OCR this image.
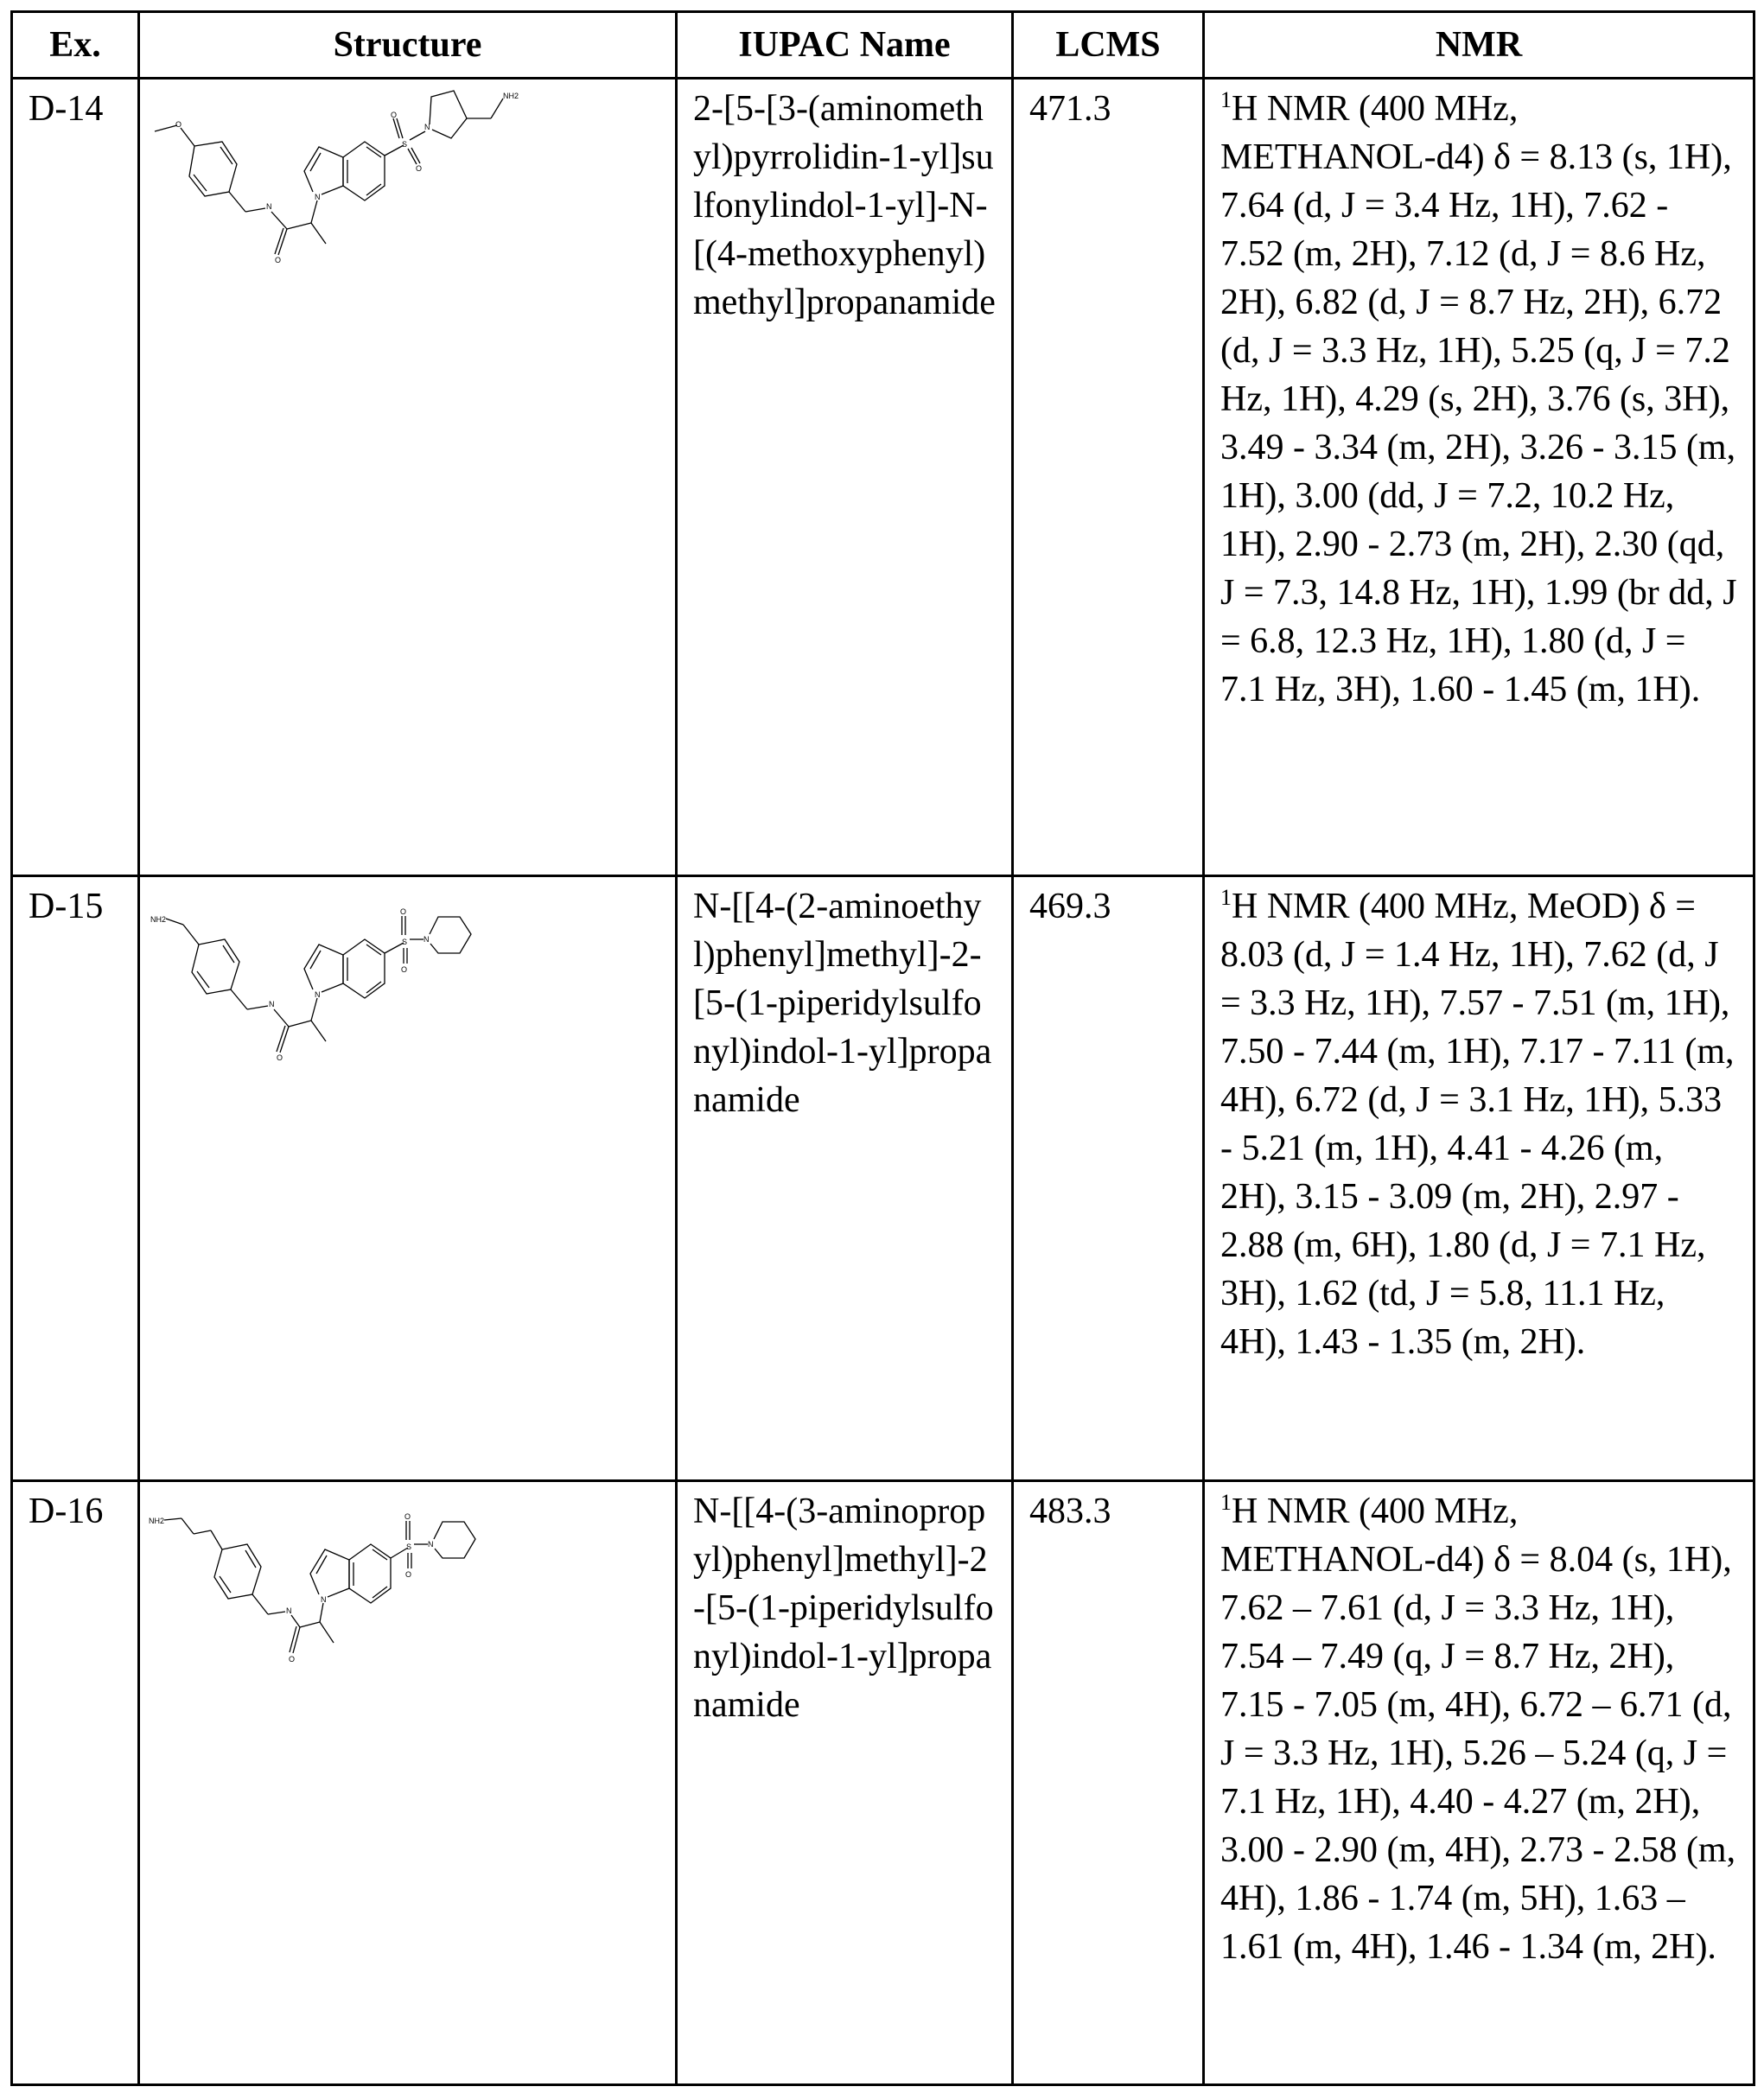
Ex.	Structure	IUPAC Name	LCMS	NMR
D-14	O
N
O
N
S
O
O
N
NH2	2-[5-[3-(aminomethyl)pyrrolidin-1-yl]sulfonylindol-1-yl]-N-[(4-methoxyphenyl)methyl]propanamide	471.3	1H NMR (400 MHz, METHANOL-d4) δ = 8.13 (s, 1H), 7.64 (d, J = 3.4 Hz, 1H), 7.62 - 7.52 (m, 2H), 7.12 (d, J = 8.6 Hz, 2H), 6.82 (d, J = 8.7 Hz, 2H), 6.72 (d, J = 3.3 Hz, 1H), 5.25 (q, J = 7.2 Hz, 1H), 4.29 (s, 2H), 3.76 (s, 3H), 3.49 - 3.34 (m, 2H), 3.26 - 3.15 (m, 1H), 3.00 (dd, J = 7.2, 10.2 Hz, 1H), 2.90 - 2.73 (m, 2H), 2.30 (qd, J = 7.3, 14.8 Hz, 1H), 1.99 (br dd, J = 6.8, 12.3 Hz, 1H), 1.80 (d, J = 7.1 Hz, 3H), 1.60 - 1.45 (m, 1H).
D-15	NH2
N
O
N
S
O
O
N
	N-[[4-(2-aminoethyl)phenyl]methyl]-2-[5-(1-piperidylsulfonyl)indol-1-yl]propanamide	469.3	1H NMR (400 MHz, MeOD) δ = 8.03 (d, J = 1.4 Hz, 1H), 7.62 (d, J = 3.3 Hz, 1H), 7.57 - 7.51 (m, 1H), 7.50 - 7.44 (m, 1H), 7.17 - 7.11 (m, 4H), 6.72 (d, J = 3.1 Hz, 1H), 5.33 - 5.21 (m, 1H), 4.41 - 4.26 (m, 2H), 3.15 - 3.09 (m, 2H), 2.97 - 2.88 (m, 6H), 1.80 (d, J = 7.1 Hz, 3H), 1.62 (td, J = 5.8, 11.1 Hz, 4H), 1.43 - 1.35 (m, 2H).
D-16	NH2
N
O
N
S
O
O
N
	N-[[4-(3-aminopropyl)phenyl]methyl]-2-[5-(1-piperidylsulfonyl)indol-1-yl]propanamide	483.3	1H NMR (400 MHz, METHANOL-d4) δ = 8.04 (s, 1H), 7.62 – 7.61 (d, J = 3.3 Hz, 1H), 7.54 – 7.49 (q, J = 8.7 Hz, 2H), 7.15 - 7.05 (m, 4H), 6.72 – 6.71 (d, J = 3.3 Hz, 1H), 5.26 – 5.24 (q, J = 7.1 Hz, 1H), 4.40 - 4.27 (m, 2H), 3.00 - 2.90 (m, 4H), 2.73 - 2.58 (m, 4H), 1.86 - 1.74 (m, 5H), 1.63 – 1.61 (m, 4H), 1.46 - 1.34 (m, 2H).
